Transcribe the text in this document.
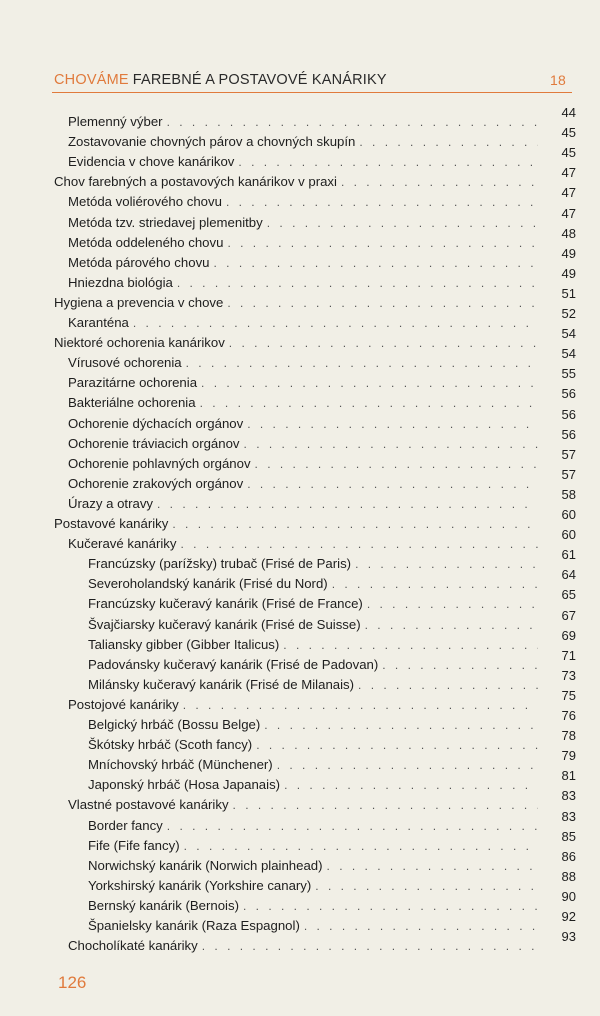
CHOVÁME FAREBNÉ A POSTAVOVÉ KANÁRIKY	18
Plemenný výber
. . .
44
Zostavovanie chovných párov a chovných skupín
. . .
45
Evidencia v chove kanárikov
. . .
45
Chov farebných a postavových kanárikov v praxi
. . .
47
Metóda voliérového chovu
. . .
47
Metóda tzv. striedavej plemenitby
. . .
47
Metóda oddeleného chovu
. . .
48
Metóda párového chovu
. . .
49
Hniezdna biológia
. . .
49
Hygiena a prevencia v chove
. . .
51
Karanténa
. . .
52
Niektoré ochorenia kanárikov
. . .
54
Vírusové ochorenia
. . .
54
Parazitárne ochorenia
. . .
55
Bakteriálne ochorenia
. . .
56
Ochorenie dýchacích orgánov
. . .
56
Ochorenie tráviacich orgánov
. . .
56
Ochorenie pohlavných orgánov
. . .
57
Ochorenie zrakových orgánov
. . .
57
Úrazy a otravy
. . .
58
Postavové kanáriky
. . .
60
Kučeravé kanáriky
. . .
60
Francúzsky (parížsky) trubač (Frisé de Paris)
. . .
61
Severoholandský kanárik (Frisé du Nord)
. . .
64
Francúzsky kučeravý kanárik (Frisé de France)
. . .
65
Švajčiarsky kučeravý kanárik (Frisé de Suisse)
. . .
67
Taliansky gibber (Gibber Italicus)
. . .
69
Padovánsky kučeravý kanárik (Frisé de Padovan)
. . .
71
Milánsky kučeravý kanárik (Frisé de Milanais)
. . .
73
Postojové kanáriky
. . .
75
Belgický hrbáč (Bossu Belge)
. . .
76
Škótsky hrbáč (Scoth fancy)
. . .
78
Mníchovský hrbáč (Münchener)
. . .
79
Japonský hrbáč (Hosa Japanais)
. . .
81
Vlastné postavové kanáriky
. . .
83
Border fancy
. . .
83
Fife (Fife fancy)
. . .
85
Norwichský kanárik (Norwich plainhead)
. . .
86
Yorkshirský kanárik (Yorkshire canary)
. . .
88
Bernský kanárik (Bernois)
. . .
90
Španielsky kanárik (Raza Espagnol)
. . .
92
Chocholíkaté kanáriky
. . .
93
126
